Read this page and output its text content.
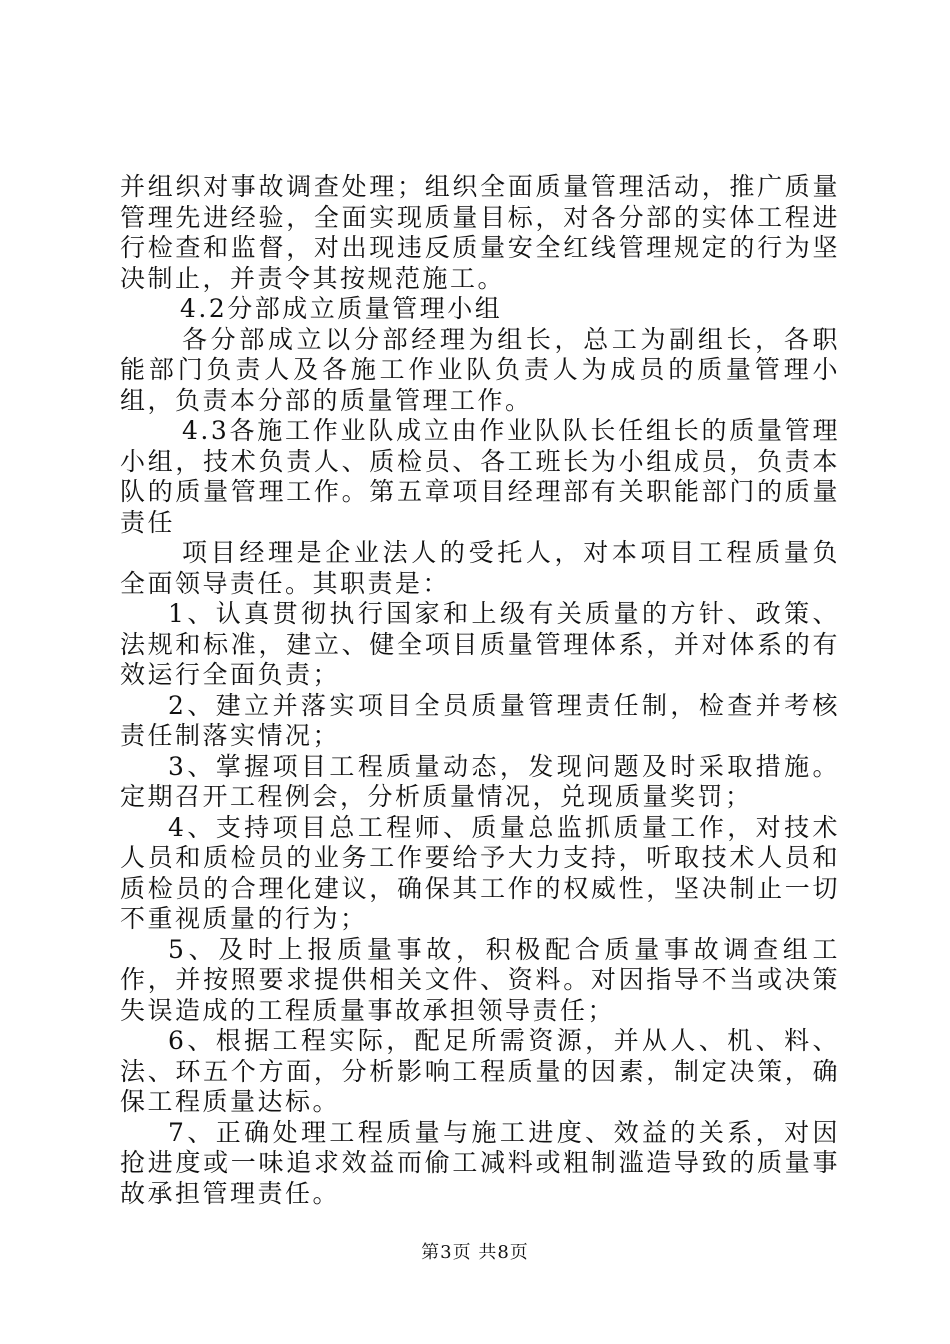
并组织对事故调查处理；组织全面质量管理活动，推广质量管理先进经验，全面实现质量目标，对各分部的实体工程进行检查和监督，对出现违反质量安全红线管理规定的行为坚决制止，并责令其按规范施工。

4.2分部成立质量管理小组

各分部成立以分部经理为组长，总工为副组长，各职能部门负责人及各施工作业队负责人为成员的质量管理小组，负责本分部的质量管理工作。

4.3各施工作业队成立由作业队队长任组长的质量管理小组，技术负责人、质检员、各工班长为小组成员，负责本队的质量管理工作。第五章项目经理部有关职能部门的质量责任

项目经理是企业法人的受托人，对本项目工程质量负全面领导责任。其职责是：

1、认真贯彻执行国家和上级有关质量的方针、政策、法规和标准，建立、健全项目质量管理体系，并对体系的有效运行全面负责；

2、建立并落实项目全员质量管理责任制，检查并考核责任制落实情况；

3、掌握项目工程质量动态，发现问题及时采取措施。定期召开工程例会，分析质量情况，兑现质量奖罚；

4、支持项目总工程师、质量总监抓质量工作，对技术人员和质检员的业务工作要给予大力支持，听取技术人员和质检员的合理化建议，确保其工作的权威性，坚决制止一切不重视质量的行为；

5、及时上报质量事故，积极配合质量事故调查组工作，并按照要求提供相关文件、资料。对因指导不当或决策失误造成的工程质量事故承担领导责任；

6、根据工程实际，配足所需资源，并从人、机、料、法、环五个方面，分析影响工程质量的因素，制定决策，确保工程质量达标。

7、正确处理工程质量与施工进度、效益的关系，对因抢进度或一味追求效益而偷工减料或粗制滥造导致的质量事故承担管理责任。

第3页 共8页
